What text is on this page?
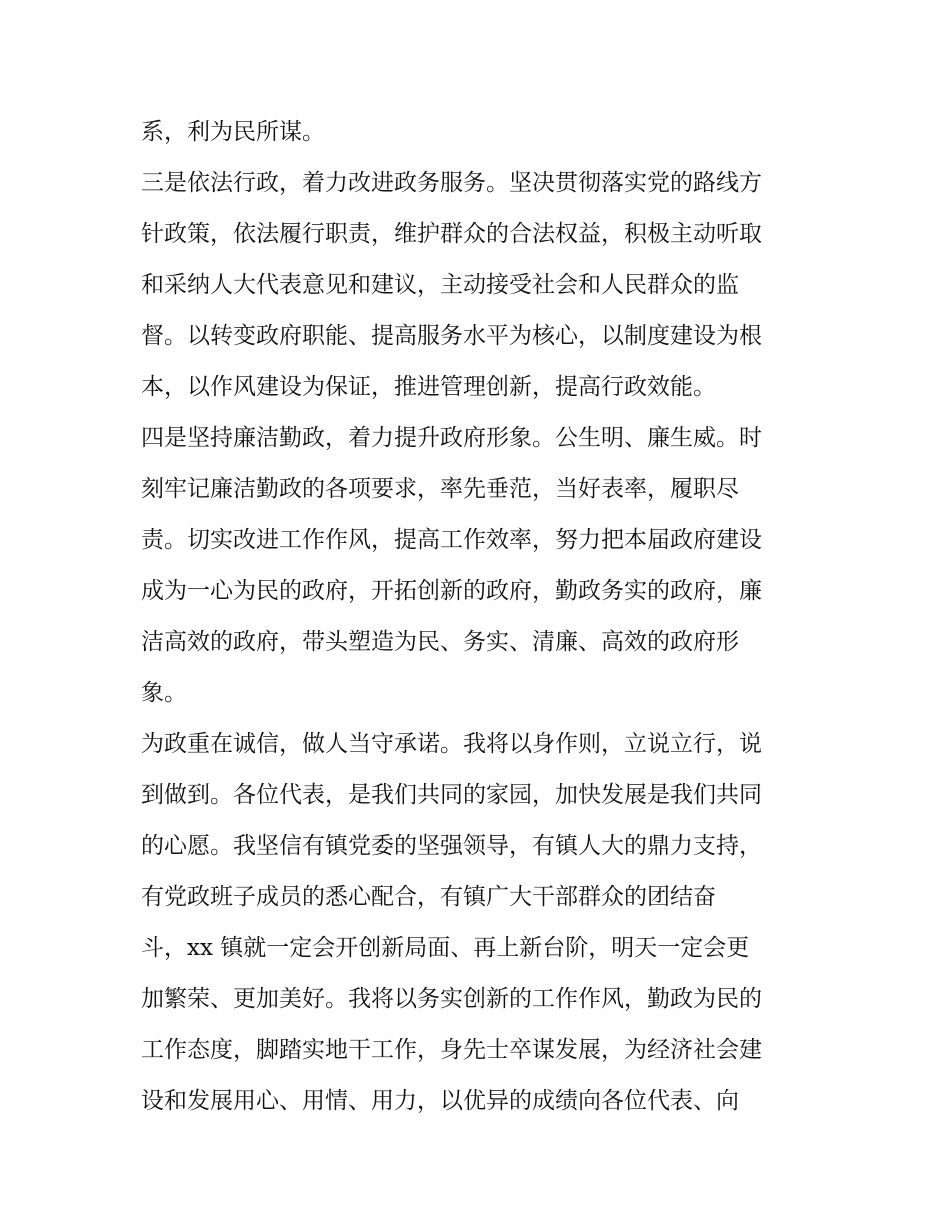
系，利为民所谋。

三是依法行政，着力改进政务服务。坚决贯彻落实党的路线方

针政策，依法履行职责，维护群众的合法权益，积极主动听取

和采纳人大代表意见和建议，主动接受社会和人民群众的监

督。以转变政府职能、提高服务水平为核心，以制度建设为根

本，以作风建设为保证，推进管理创新，提高行政效能。

四是坚持廉洁勤政，着力提升政府形象。公生明、廉生威。时

刻牢记廉洁勤政的各项要求，率先垂范，当好表率，履职尽

责。切实改进工作作风，提高工作效率，努力把本届政府建设

成为一心为民的政府，开拓创新的政府，勤政务实的政府，廉

洁高效的政府，带头塑造为民、务实、清廉、高效的政府形

象。

为政重在诚信，做人当守承诺。我将以身作则，立说立行，说

到做到。各位代表，是我们共同的家园，加快发展是我们共同

的心愿。我坚信有镇党委的坚强领导，有镇人大的鼎力支持，

有党政班子成员的悉心配合，有镇广大干部群众的团结奋

斗，xx 镇就一定会开创新局面、再上新台阶，明天一定会更

加繁荣、更加美好。我将以务实创新的工作作风，勤政为民的

工作态度，脚踏实地干工作，身先士卒谋发展，为经济社会建

设和发展用心、用情、用力，以优异的成绩向各位代表、向
